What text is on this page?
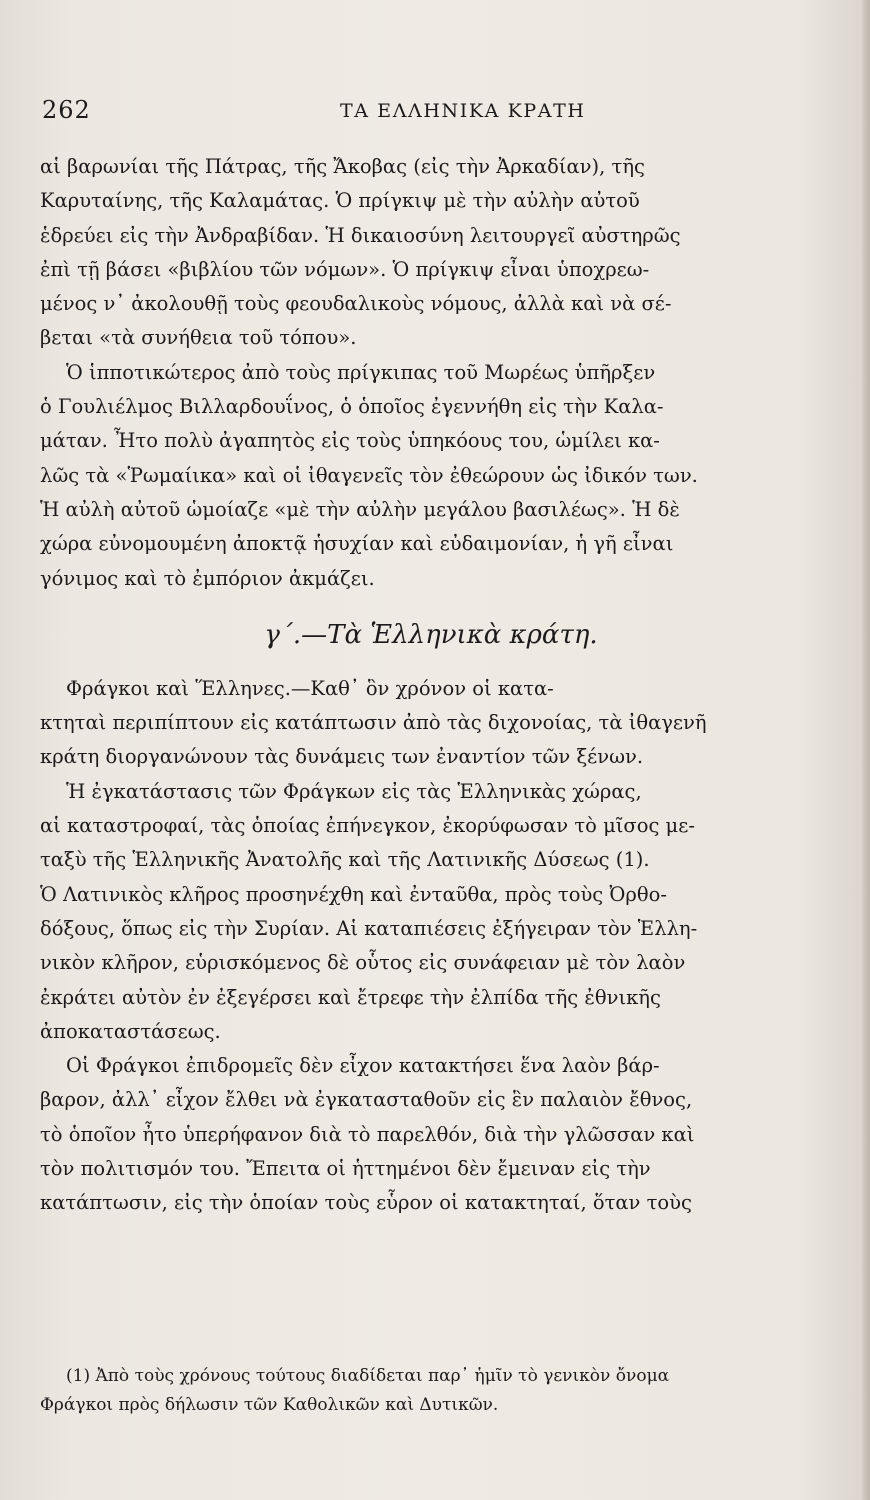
262	ΤΑ ΕΛΛΗΝΙΚΑ ΚΡΑΤΗ

αἱ βαρωνίαι τῆς Πάτρας, τῆς Ἄκοβας (εἰς τὴν Ἀρκαδίαν), τῆς
Καρυταίνης, τῆς Καλαμάτας. Ὁ πρίγκιψ μὲ τὴν αὐλὴν αὐτοῦ
ἑδρεύει εἰς τὴν Ἀνδραβίδαν. Ἡ δικαιοσύνη λειτουργεῖ αὐστηρῶς
ἐπὶ τῇ βάσει «βιβλίου τῶν νόμων». Ὁ πρίγκιψ εἶναι ὑποχρεω-
μένος ν᾽ ἀκολουθῇ τοὺς φεουδαλικοὺς νόμους, ἀλλὰ καὶ νὰ σέ-
βεται «τὰ συνήθεια τοῦ τόπου».

Ὁ ἱπποτικώτερος ἀπὸ τοὺς πρίγκιπας τοῦ Μωρέως ὑπῆρξεν
ὁ Γουλιέλμος Βιλλαρδουΐνος, ὁ ὁποῖος ἐγεννήθη εἰς τὴν Καλα-
μάταν. Ἦτο πολὺ ἀγαπητὸς εἰς τοὺς ὑπηκόους του, ὡμίλει κα-
λῶς τὰ «Ῥωμαίικα» καὶ οἱ ἰθαγενεῖς τὸν ἐθεώρουν ὡς ἰδικόν των.
Ἡ αὐλὴ αὐτοῦ ὡμοίαζε «μὲ τὴν αὐλὴν μεγάλου βασιλέως». Ἡ δὲ
χώρα εὐνομουμένη ἀποκτᾷ ἡσυχίαν καὶ εὐδαιμονίαν, ἡ γῆ εἶναι
γόνιμος καὶ τὸ ἐμπόριον ἀκμάζει.

γ΄.—Τὰ Ἑλληνικὰ κράτη.

Φράγκοι καὶ Ἕλληνες.—Καθ᾽ ὃν χρόνον οἱ κατα-
κτηταὶ περιπίπτουν εἰς κατάπτωσιν ἀπὸ τὰς διχονοίας, τὰ ἰθαγενῆ
κράτη διοργανώνουν τὰς δυνάμεις των ἐναντίον τῶν ξένων.

Ἡ ἐγκατάστασις τῶν Φράγκων εἰς τὰς Ἑλληνικὰς χώρας,
αἱ καταστροφαί, τὰς ὁποίας ἐπήνεγκον, ἐκορύφωσαν τὸ μῖσος με-
ταξὺ τῆς Ἑλληνικῆς Ἀνατολῆς καὶ τῆς Λατινικῆς Δύσεως (1).
Ὁ Λατινικὸς κλῆρος προσηνέχθη καὶ ἐνταῦθα, πρὸς τοὺς Ὀρθο-
δόξους, ὅπως εἰς τὴν Συρίαν. Αἱ καταπιέσεις ἐξήγειραν τὸν Ἑλλη-
νικὸν κλῆρον, εὑρισκόμενος δὲ οὗτος εἰς συνάφειαν μὲ τὸν λαὸν
ἐκράτει αὐτὸν ἐν ἐξεγέρσει καὶ ἔτρεφε τὴν ἐλπίδα τῆς ἐθνικῆς
ἀποκαταστάσεως.

Οἱ Φράγκοι ἐπιδρομεῖς δὲν εἶχον κατακτήσει ἕνα λαὸν βάρ-
βαρον, ἀλλ᾽ εἶχον ἔλθει νὰ ἐγκατασταθοῦν εἰς ἓν παλαιὸν ἔθνος,
τὸ ὁποῖον ἦτο ὑπερήφανον διὰ τὸ παρελθόν, διὰ τὴν γλῶσσαν καὶ
τὸν πολιτισμόν του. Ἔπειτα οἱ ἡττημένοι δὲν ἔμειναν εἰς τὴν
κατάπτωσιν, εἰς τὴν ὁποίαν τοὺς εὗρον οἱ κατακτηταί, ὅταν τοὺς

(1) Ἀπὸ τοὺς χρόνους τούτους διαδίδεται παρ᾽ ἡμῖν τὸ γενικὸν ὄνομα
Φράγκοι πρὸς δήλωσιν τῶν Καθολικῶν καὶ Δυτικῶν.
